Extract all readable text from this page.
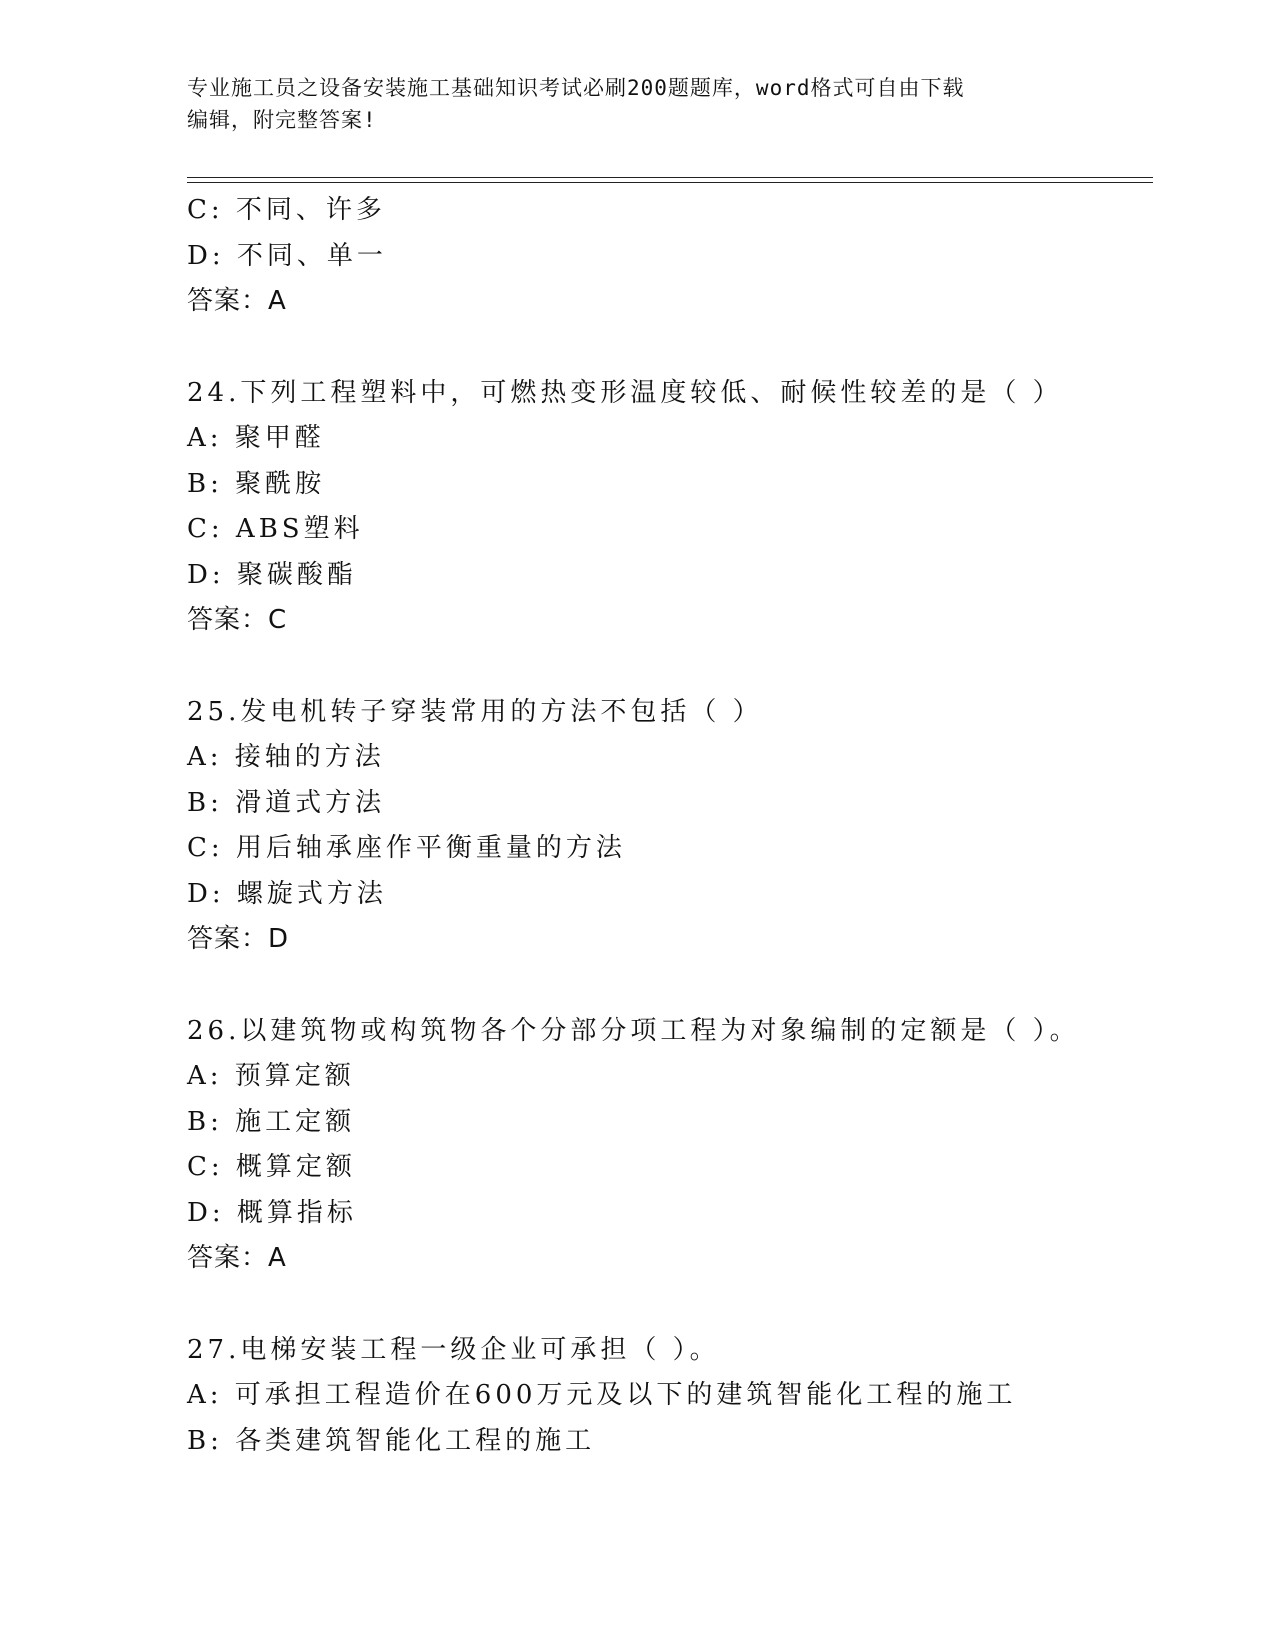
专业施工员之设备安装施工基础知识考试必刷200题题库，word格式可自由下载
编辑，附完整答案!
C: 不同、许多
D: 不同、单一
答案：A
24.下列工程塑料中，可燃热变形温度较低、耐候性较差的是（ ）
A: 聚甲醛
B: 聚酰胺
C: ABS塑料
D: 聚碳酸酯
答案：C
25.发电机转子穿装常用的方法不包括（ ）
A: 接轴的方法
B: 滑道式方法
C: 用后轴承座作平衡重量的方法
D: 螺旋式方法
答案：D
26.以建筑物或构筑物各个分部分项工程为对象编制的定额是（ ）。
A: 预算定额
B: 施工定额
C: 概算定额
D: 概算指标
答案：A
27.电梯安装工程一级企业可承担（ ）。
A: 可承担工程造价在600万元及以下的建筑智能化工程的施工
B: 各类建筑智能化工程的施工
